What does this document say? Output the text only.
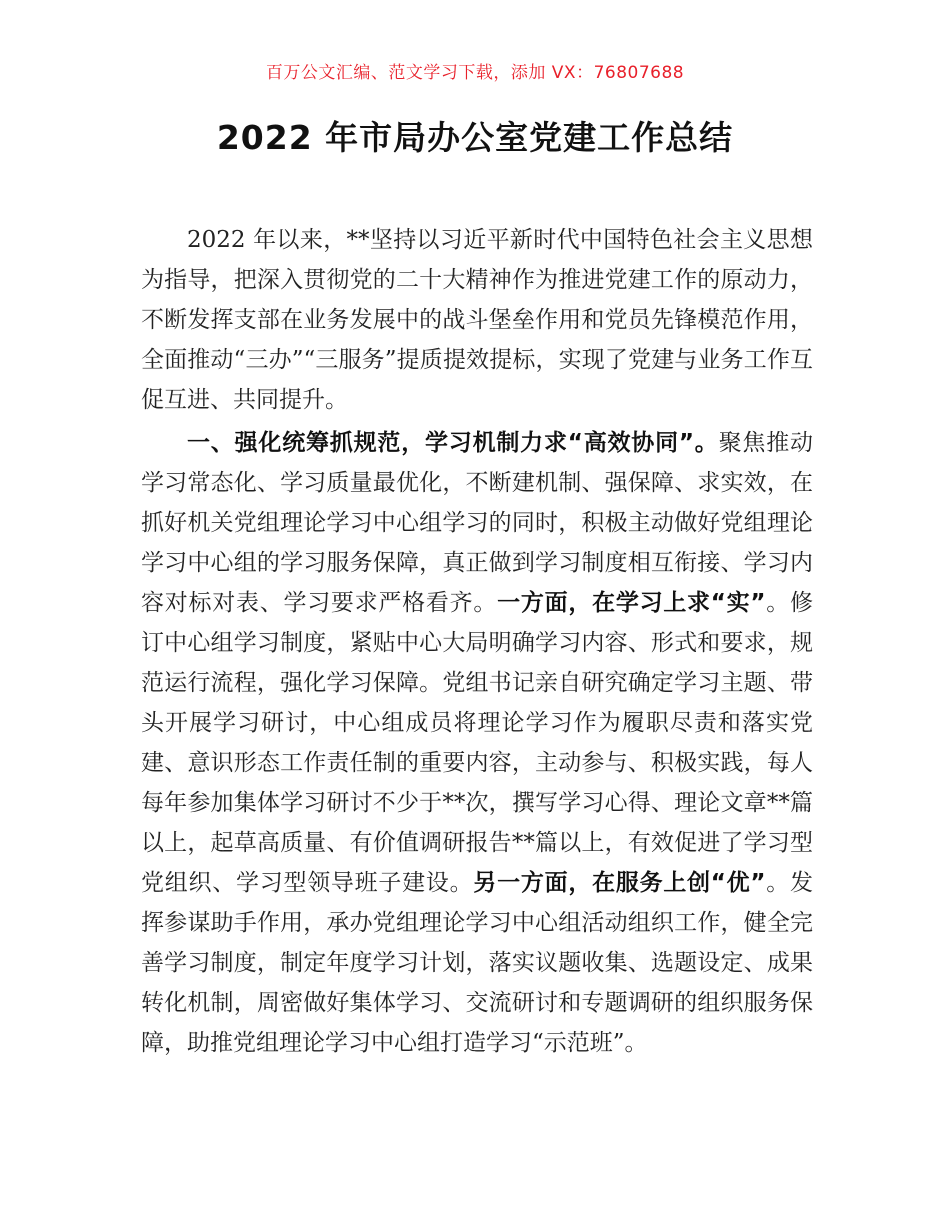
百万公文汇编、范文学习下载，添加 VX：76807688
2022 年市局办公室党建工作总结

2022 年以来，**坚持以习近平新时代中国特色社会主义思想为指导，把深入贯彻党的二十大精神作为推进党建工作的原动力，不断发挥支部在业务发展中的战斗堡垒作用和党员先锋模范作用，全面推动“三办”“三服务”提质提效提标，实现了党建与业务工作互促互进、共同提升。

一、强化统筹抓规范，学习机制力求“高效协同”。聚焦推动学习常态化、学习质量最优化，不断建机制、强保障、求实效，在抓好机关党组理论学习中心组学习的同时，积极主动做好党组理论学习中心组的学习服务保障，真正做到学习制度相互衔接、学习内容对标对表、学习要求严格看齐。一方面，在学习上求“实”。修订中心组学习制度，紧贴中心大局明确学习内容、形式和要求，规范运行流程，强化学习保障。党组书记亲自研究确定学习主题、带头开展学习研讨，中心组成员将理论学习作为履职尽责和落实党建、意识形态工作责任制的重要内容，主动参与、积极实践，每人每年参加集体学习研讨不少于**次，撰写学习心得、理论文章**篇以上，起草高质量、有价值调研报告**篇以上，有效促进了学习型党组织、学习型领导班子建设。另一方面，在服务上创“优”。发挥参谋助手作用，承办党组理论学习中心组活动组织工作，健全完善学习制度，制定年度学习计划，落实议题收集、选题设定、成果转化机制，周密做好集体学习、交流研讨和专题调研的组织服务保障，助推党组理论学习中心组打造学习“示范班”。
